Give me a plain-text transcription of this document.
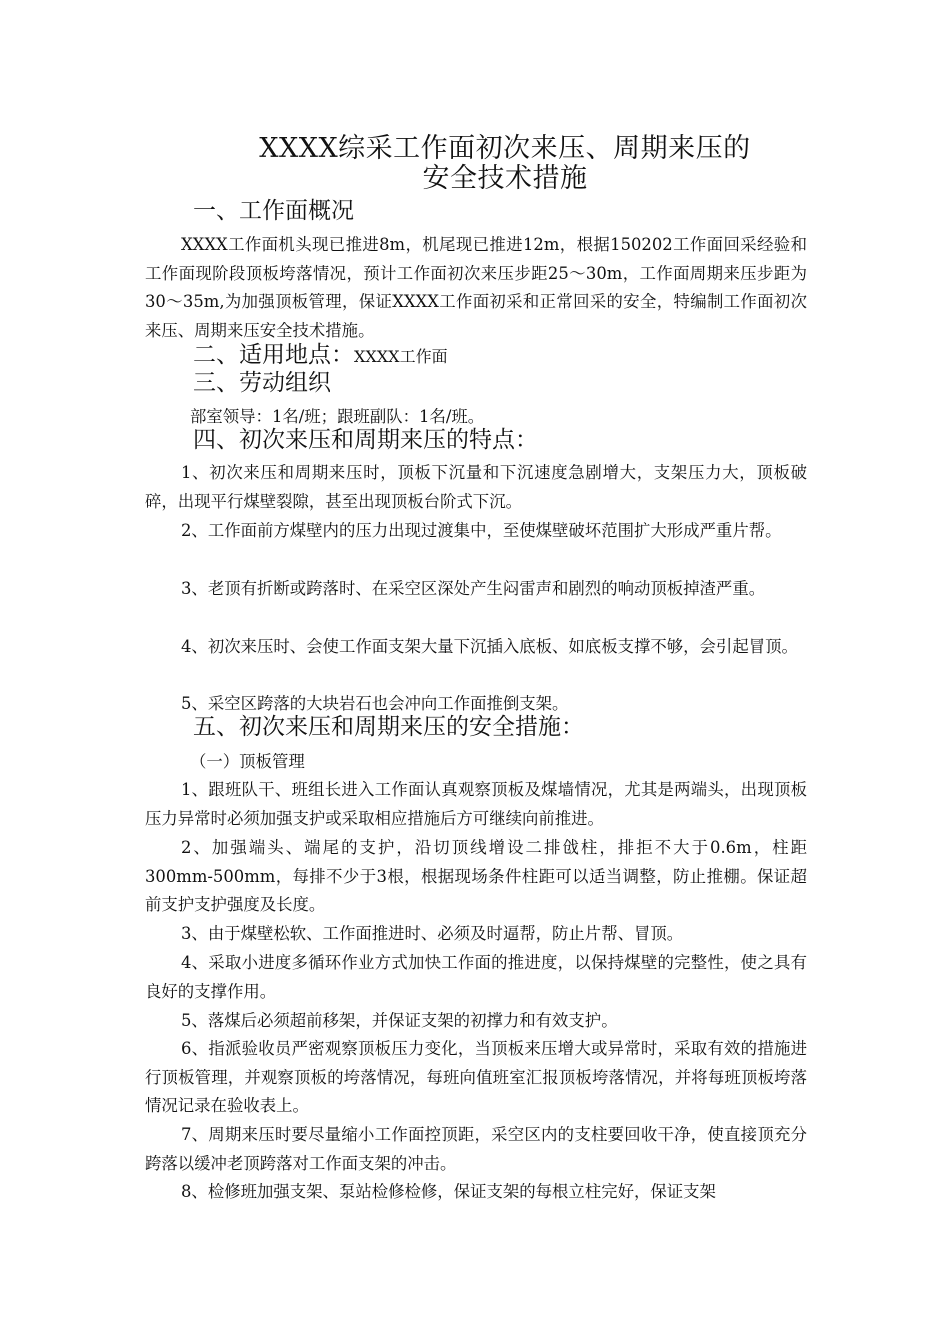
XXXX综采工作面初次来压、周期来压的
安全技术措施
一、工作面概况

XXXX工作面机头现已推进8m，机尾现已推进12m，根据150202工作面回采经验和工作面现阶段顶板垮落情况，预计工作面初次来压步距25～30m，工作面周期来压步距为30～35m,为加强顶板管理，保证XXXX工作面初采和正常回采的安全，特编制工作面初次来压、周期来压安全技术措施。

二、适用地点：XXXX工作面
三、劳动组织
部室领导：1名/班；跟班副队：1名/班。
四、初次来压和周期来压的特点：

1、初次来压和周期来压时，顶板下沉量和下沉速度急剧增大，支架压力大，顶板破碎，出现平行煤壁裂隙，甚至出现顶板台阶式下沉。

2、工作面前方煤壁内的压力出现过渡集中，至使煤壁破坏范围扩大形成严重片帮。

3、老顶有折断或跨落时、在采空区深处产生闷雷声和剧烈的响动顶板掉渣严重。

4、初次来压时、会使工作面支架大量下沉插入底板、如底板支撑不够，会引起冒顶。

5、采空区跨落的大块岩石也会冲向工作面推倒支架。

五、初次来压和周期来压的安全措施：
（一）顶板管理

1、跟班队干、班组长进入工作面认真观察顶板及煤墙情况，尤其是两端头，出现顶板压力异常时必须加强支护或采取相应措施后方可继续向前推进。

2、加强端头、端尾的支护，沿切顶线增设二排戗柱，排拒不大于0.6m，柱距300mm-500mm，每排不少于3根，根据现场条件柱距可以适当调整，防止推棚。保证超前支护支护强度及长度。

3、由于煤壁松软、工作面推进时、必须及时逼帮，防止片帮、冒顶。

4、采取小进度多循环作业方式加快工作面的推进度，以保持煤壁的完整性，使之具有良好的支撑作用。

5、落煤后必须超前移架，并保证支架的初撑力和有效支护。

6、指派验收员严密观察顶板压力变化，当顶板来压增大或异常时，采取有效的措施进行顶板管理，并观察顶板的垮落情况，每班向值班室汇报顶板垮落情况，并将每班顶板垮落情况记录在验收表上。

7、周期来压时要尽量缩小工作面控顶距，采空区内的支柱要回收干净，使直接顶充分跨落以缓冲老顶跨落对工作面支架的冲击。

8、检修班加强支架、泵站检修检修，保证支架的每根立柱完好，保证支架
